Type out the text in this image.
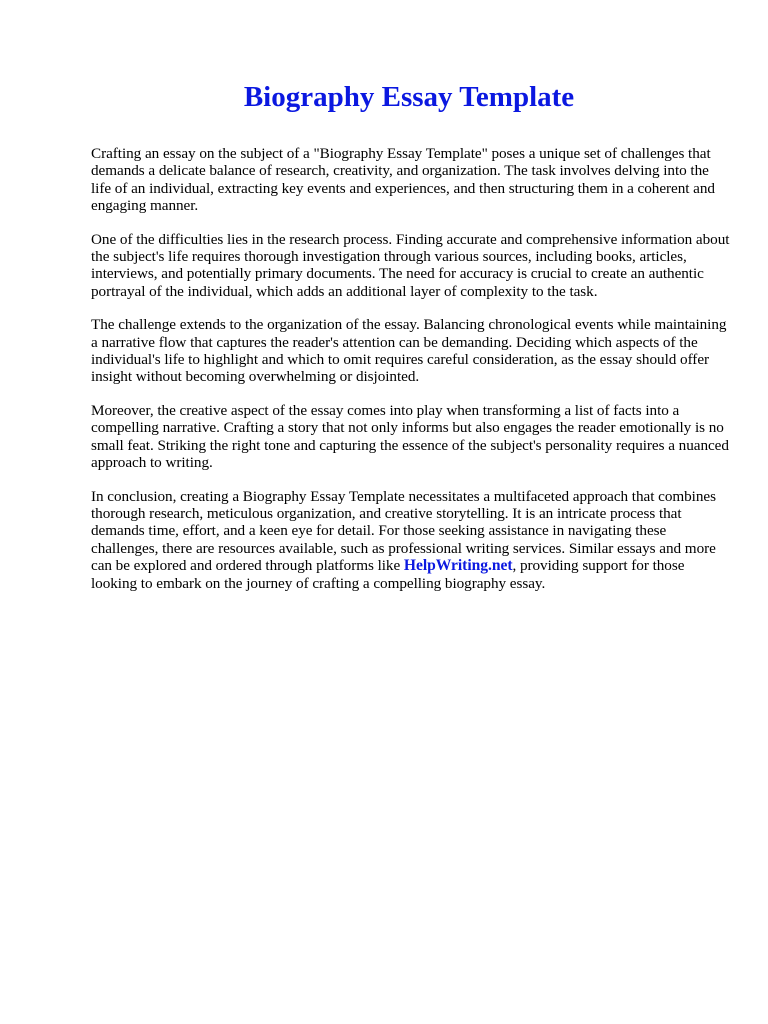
Biography Essay Template

Crafting an essay on the subject of a "Biography Essay Template" poses a unique set of challenges that demands a delicate balance of research, creativity, and organization. The task involves delving into the life of an individual, extracting key events and experiences, and then structuring them in a coherent and engaging manner.

One of the difficulties lies in the research process. Finding accurate and comprehensive information about the subject's life requires thorough investigation through various sources, including books, articles, interviews, and potentially primary documents. The need for accuracy is crucial to create an authentic portrayal of the individual, which adds an additional layer of complexity to the task.

The challenge extends to the organization of the essay. Balancing chronological events while maintaining a narrative flow that captures the reader's attention can be demanding. Deciding which aspects of the individual's life to highlight and which to omit requires careful consideration, as the essay should offer insight without becoming overwhelming or disjointed.

Moreover, the creative aspect of the essay comes into play when transforming a list of facts into a compelling narrative. Crafting a story that not only informs but also engages the reader emotionally is no small feat. Striking the right tone and capturing the essence of the subject's personality requires a nuanced approach to writing.

In conclusion, creating a Biography Essay Template necessitates a multifaceted approach that combines thorough research, meticulous organization, and creative storytelling. It is an intricate process that demands time, effort, and a keen eye for detail. For those seeking assistance in navigating these challenges, there are resources available, such as professional writing services. Similar essays and more can be explored and ordered through platforms like HelpWriting.net, providing support for those looking to embark on the journey of crafting a compelling biography essay.
